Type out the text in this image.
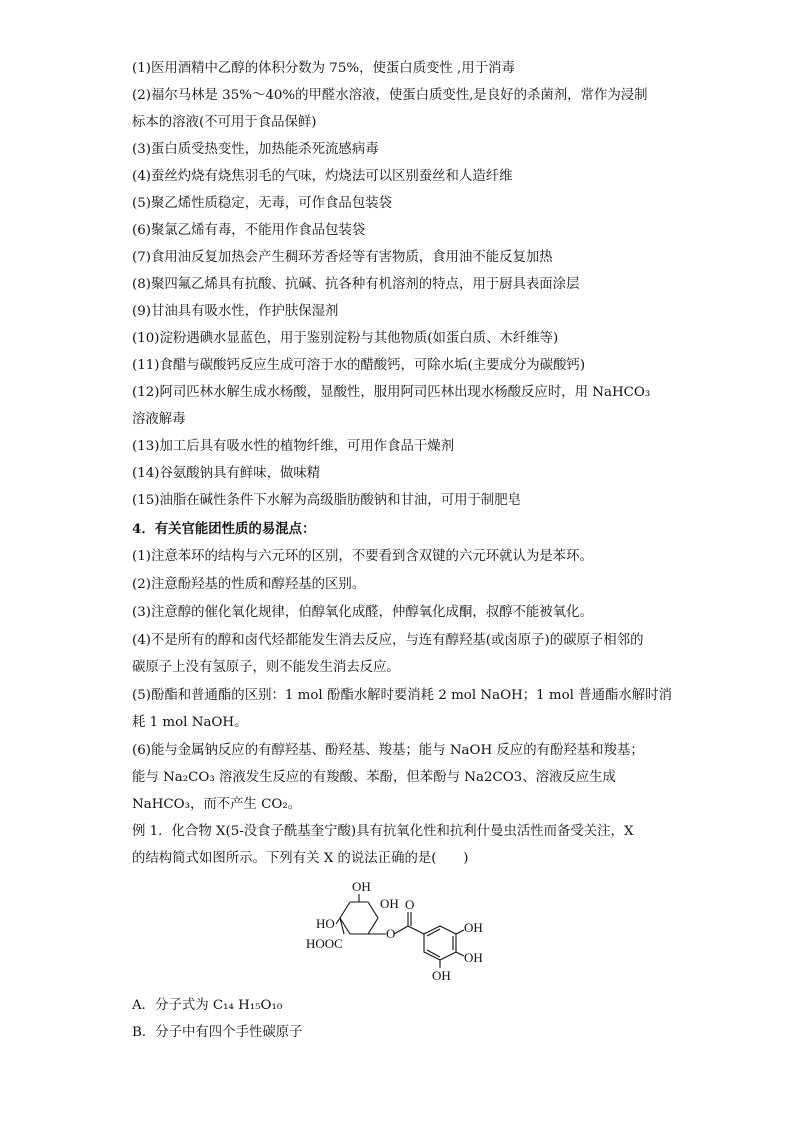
(1)医用酒精中乙醇的体积分数为 75%，使蛋白质变性 ,用于消毒
(2)福尔马林是 35%～40%的甲醛水溶液，使蛋白质变性,是良好的杀菌剂，常作为浸制
标本的溶液(不可用于食品保鲜)
(3)蛋白质受热变性，加热能杀死流感病毒
(4)蚕丝灼烧有烧焦羽毛的气味，灼烧法可以区别蚕丝和人造纤维
(5)聚乙烯性质稳定，无毒，可作食品包装袋
(6)聚氯乙烯有毒，不能用作食品包装袋
(7)食用油反复加热会产生稠环芳香烃等有害物质，食用油不能反复加热
(8)聚四氟乙烯具有抗酸、抗碱、抗各种有机溶剂的特点，用于厨具表面涂层
(9)甘油具有吸水性，作护肤保湿剂
(10)淀粉遇碘水显蓝色，用于鉴别淀粉与其他物质(如蛋白质、木纤维等)
(11)食醋与碳酸钙反应生成可溶于水的醋酸钙，可除水垢(主要成分为碳酸钙)
(12)阿司匹林水解生成水杨酸，显酸性，服用阿司匹林出现水杨酸反应时，用 NaHCO₃
溶液解毒
(13)加工后具有吸水性的植物纤维，可用作食品干燥剂
(14)谷氨酸钠具有鲜味，做味精
(15)油脂在碱性条件下水解为高级脂肪酸钠和甘油，可用于制肥皂
4．有关官能团性质的易混点：
(1)注意苯环的结构与六元环的区别，不要看到含双键的六元环就认为是苯环。
(2)注意酚羟基的性质和醇羟基的区别。
(3)注意醇的催化氧化规律，伯醇氧化成醛，仲醇氧化成酮，叔醇不能被氧化。
(4)不是所有的醇和卤代烃都能发生消去反应，与连有醇羟基(或卤原子)的碳原子相邻的
碳原子上没有氢原子，则不能发生消去反应。
(5)酚酯和普通酯的区别：1 mol 酚酯水解时要消耗 2 mol NaOH；1 mol 普通酯水解时消
耗 1 mol NaOH。
(6)能与金属钠反应的有醇羟基、酚羟基、羧基；能与 NaOH 反应的有酚羟基和羧基；
能与 Na₂CO₃ 溶液发生反应的有羧酸、苯酚，但苯酚与 Na2CO3、溶液反应生成
NaHCO₃，而不产生 CO₂。
例 1．化合物 X(5-没食子酰基奎宁酸)具有抗氧化性和抗利什曼虫活性而备受关注，X
的结构简式如图所示。下列有关 X 的说法正确的是(　　)
OH
OH
HO
HOOC
O
O
OH
OH
OH
A．分子式为 C₁₄ H₁₅O₁₀
B．分子中有四个手性碳原子
